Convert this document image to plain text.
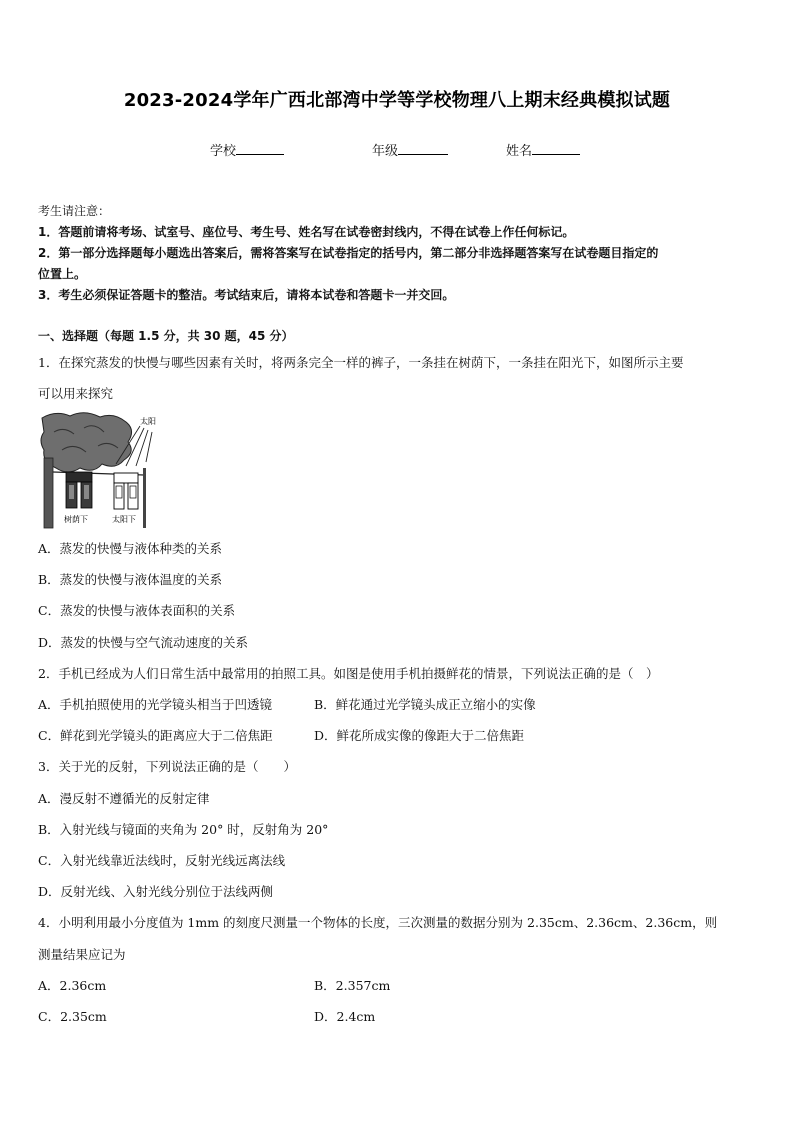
2023-2024学年广西北部湾中学等学校物理八上期末经典模拟试题
学校	年级	姓名
考生请注意：
1．答题前请将考场、试室号、座位号、考生号、姓名写在试卷密封线内，不得在试卷上作任何标记。
2．第一部分选择题每小题选出答案后，需将答案写在试卷指定的括号内，第二部分非选择题答案写在试卷题目指定的
位置上。
3．考生必须保证答题卡的整洁。考试结束后，请将本试卷和答题卡一并交回。
一、选择题（每题 1.5 分，共 30 题，45 分）
1．在探究蒸发的快慢与哪些因素有关时，将两条完全一样的裤子，一条挂在树荫下，一条挂在阳光下，如图所示主要
可以用来探究
太阳
树荫下	太阳下
A．蒸发的快慢与液体种类的关系
B．蒸发的快慢与液体温度的关系
C．蒸发的快慢与液体表面积的关系
D．蒸发的快慢与空气流动速度的关系
2．手机已经成为人们日常生活中最常用的拍照工具。如图是使用手机拍摄鲜花的情景，下列说法正确的是（　）
A．手机拍照使用的光学镜头相当于凹透镜	B．鲜花通过光学镜头成正立缩小的实像
C．鲜花到光学镜头的距离应大于二倍焦距	D．鲜花所成实像的像距大于二倍焦距
3．关于光的反射，下列说法正确的是（　　）
A．漫反射不遵循光的反射定律
B．入射光线与镜面的夹角为 20° 时，反射角为 20°
C．入射光线靠近法线时，反射光线远离法线
D．反射光线、入射光线分别位于法线两侧
4．小明利用最小分度值为 1mm 的刻度尺测量一个物体的长度，三次测量的数据分别为 2.35cm、2.36cm、2.36cm，则
测量结果应记为
A．2.36cm	B．2.357cm
C．2.35cm	D．2.4cm
